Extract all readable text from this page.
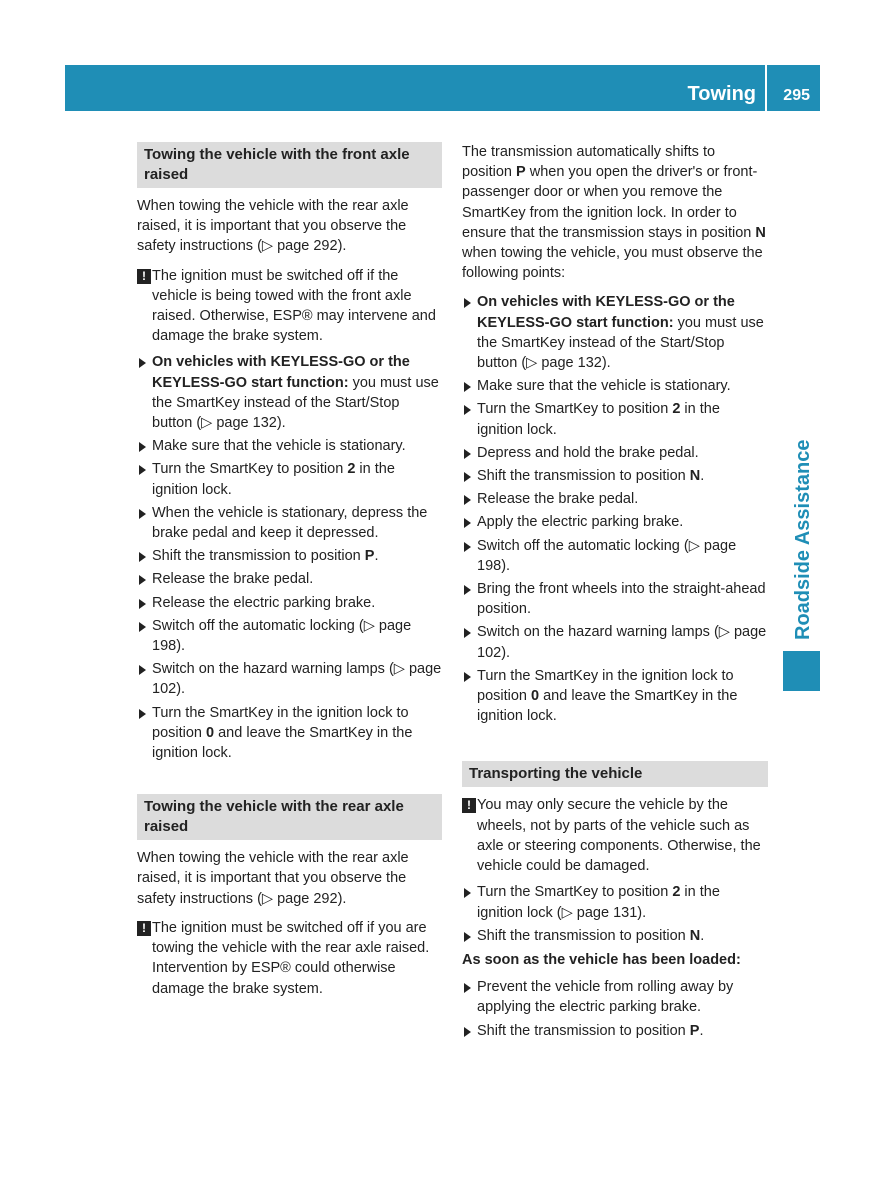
Towing 295
Roadside Assistance
Towing the vehicle with the front axle raised

When towing the vehicle with the rear axle raised, it is important that you observe the safety instructions (▷ page 292).

! The ignition must be switched off if the vehicle is being towed with the front axle raised. Otherwise, ESP® may intervene and damage the brake system.
On vehicles with KEYLESS-GO or the KEYLESS-GO start function: you must use the SmartKey instead of the Start/Stop button (▷ page 132).
Make sure that the vehicle is stationary.
Turn the SmartKey to position 2 in the ignition lock.
When the vehicle is stationary, depress the brake pedal and keep it depressed.
Shift the transmission to position P.
Release the brake pedal.
Release the electric parking brake.
Switch off the automatic locking (▷ page 198).
Switch on the hazard warning lamps (▷ page 102).
Turn the SmartKey in the ignition lock to position 0 and leave the SmartKey in the ignition lock.
Towing the vehicle with the rear axle raised

When towing the vehicle with the rear axle raised, it is important that you observe the safety instructions (▷ page 292).

! The ignition must be switched off if you are towing the vehicle with the rear axle raised. Intervention by ESP® could otherwise damage the brake system.

The transmission automatically shifts to position P when you open the driver's or front-passenger door or when you remove the SmartKey from the ignition lock. In order to ensure that the transmission stays in position N when towing the vehicle, you must observe the following points:

On vehicles with KEYLESS-GO or the KEYLESS-GO start function: you must use the SmartKey instead of the Start/Stop button (▷ page 132).
Make sure that the vehicle is stationary.
Turn the SmartKey to position 2 in the ignition lock.
Depress and hold the brake pedal.
Shift the transmission to position N.
Release the brake pedal.
Apply the electric parking brake.
Switch off the automatic locking (▷ page 198).
Bring the front wheels into the straight-ahead position.
Switch on the hazard warning lamps (▷ page 102).
Turn the SmartKey in the ignition lock to position 0 and leave the SmartKey in the ignition lock.
Transporting the vehicle
! You may only secure the vehicle by the wheels, not by parts of the vehicle such as axle or steering components. Otherwise, the vehicle could be damaged.
Turn the SmartKey to position 2 in the ignition lock (▷ page 131).
Shift the transmission to position N.
As soon as the vehicle has been loaded:
Prevent the vehicle from rolling away by applying the electric parking brake.
Shift the transmission to position P.
